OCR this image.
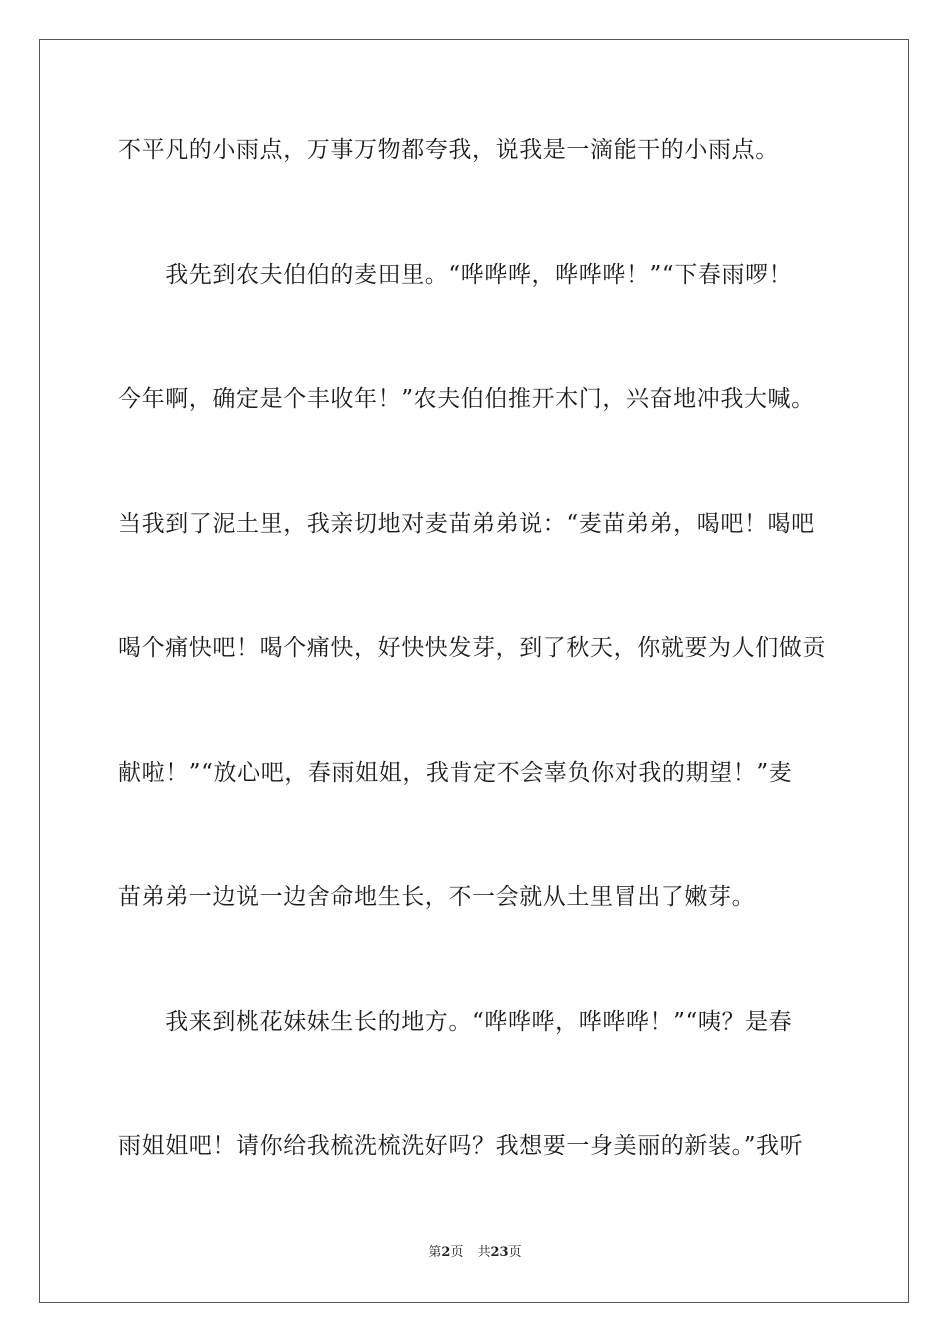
不平凡的小雨点，万事万物都夸我，说我是一滴能干的小雨点。
　　我先到农夫伯伯的麦田里。“哗哗哗，哗哗哗！”“下春雨啰！
今年啊，确定是个丰收年！”农夫伯伯推开木门，兴奋地冲我大喊。
当我到了泥土里，我亲切地对麦苗弟弟说：“麦苗弟弟，喝吧！喝吧
喝个痛快吧！喝个痛快，好快快发芽，到了秋天，你就要为人们做贡
献啦！”“放心吧，春雨姐姐，我肯定不会辜负你对我的期望！”麦
苗弟弟一边说一边舍命地生长，不一会就从土里冒出了嫩芽。
　　我来到桃花妹妹生长的地方。“哗哗哗，哗哗哗！”“咦？是春
雨姐姐吧！请你给我梳洗梳洗好吗？我想要一身美丽的新装。”我听
第2页 共23页
